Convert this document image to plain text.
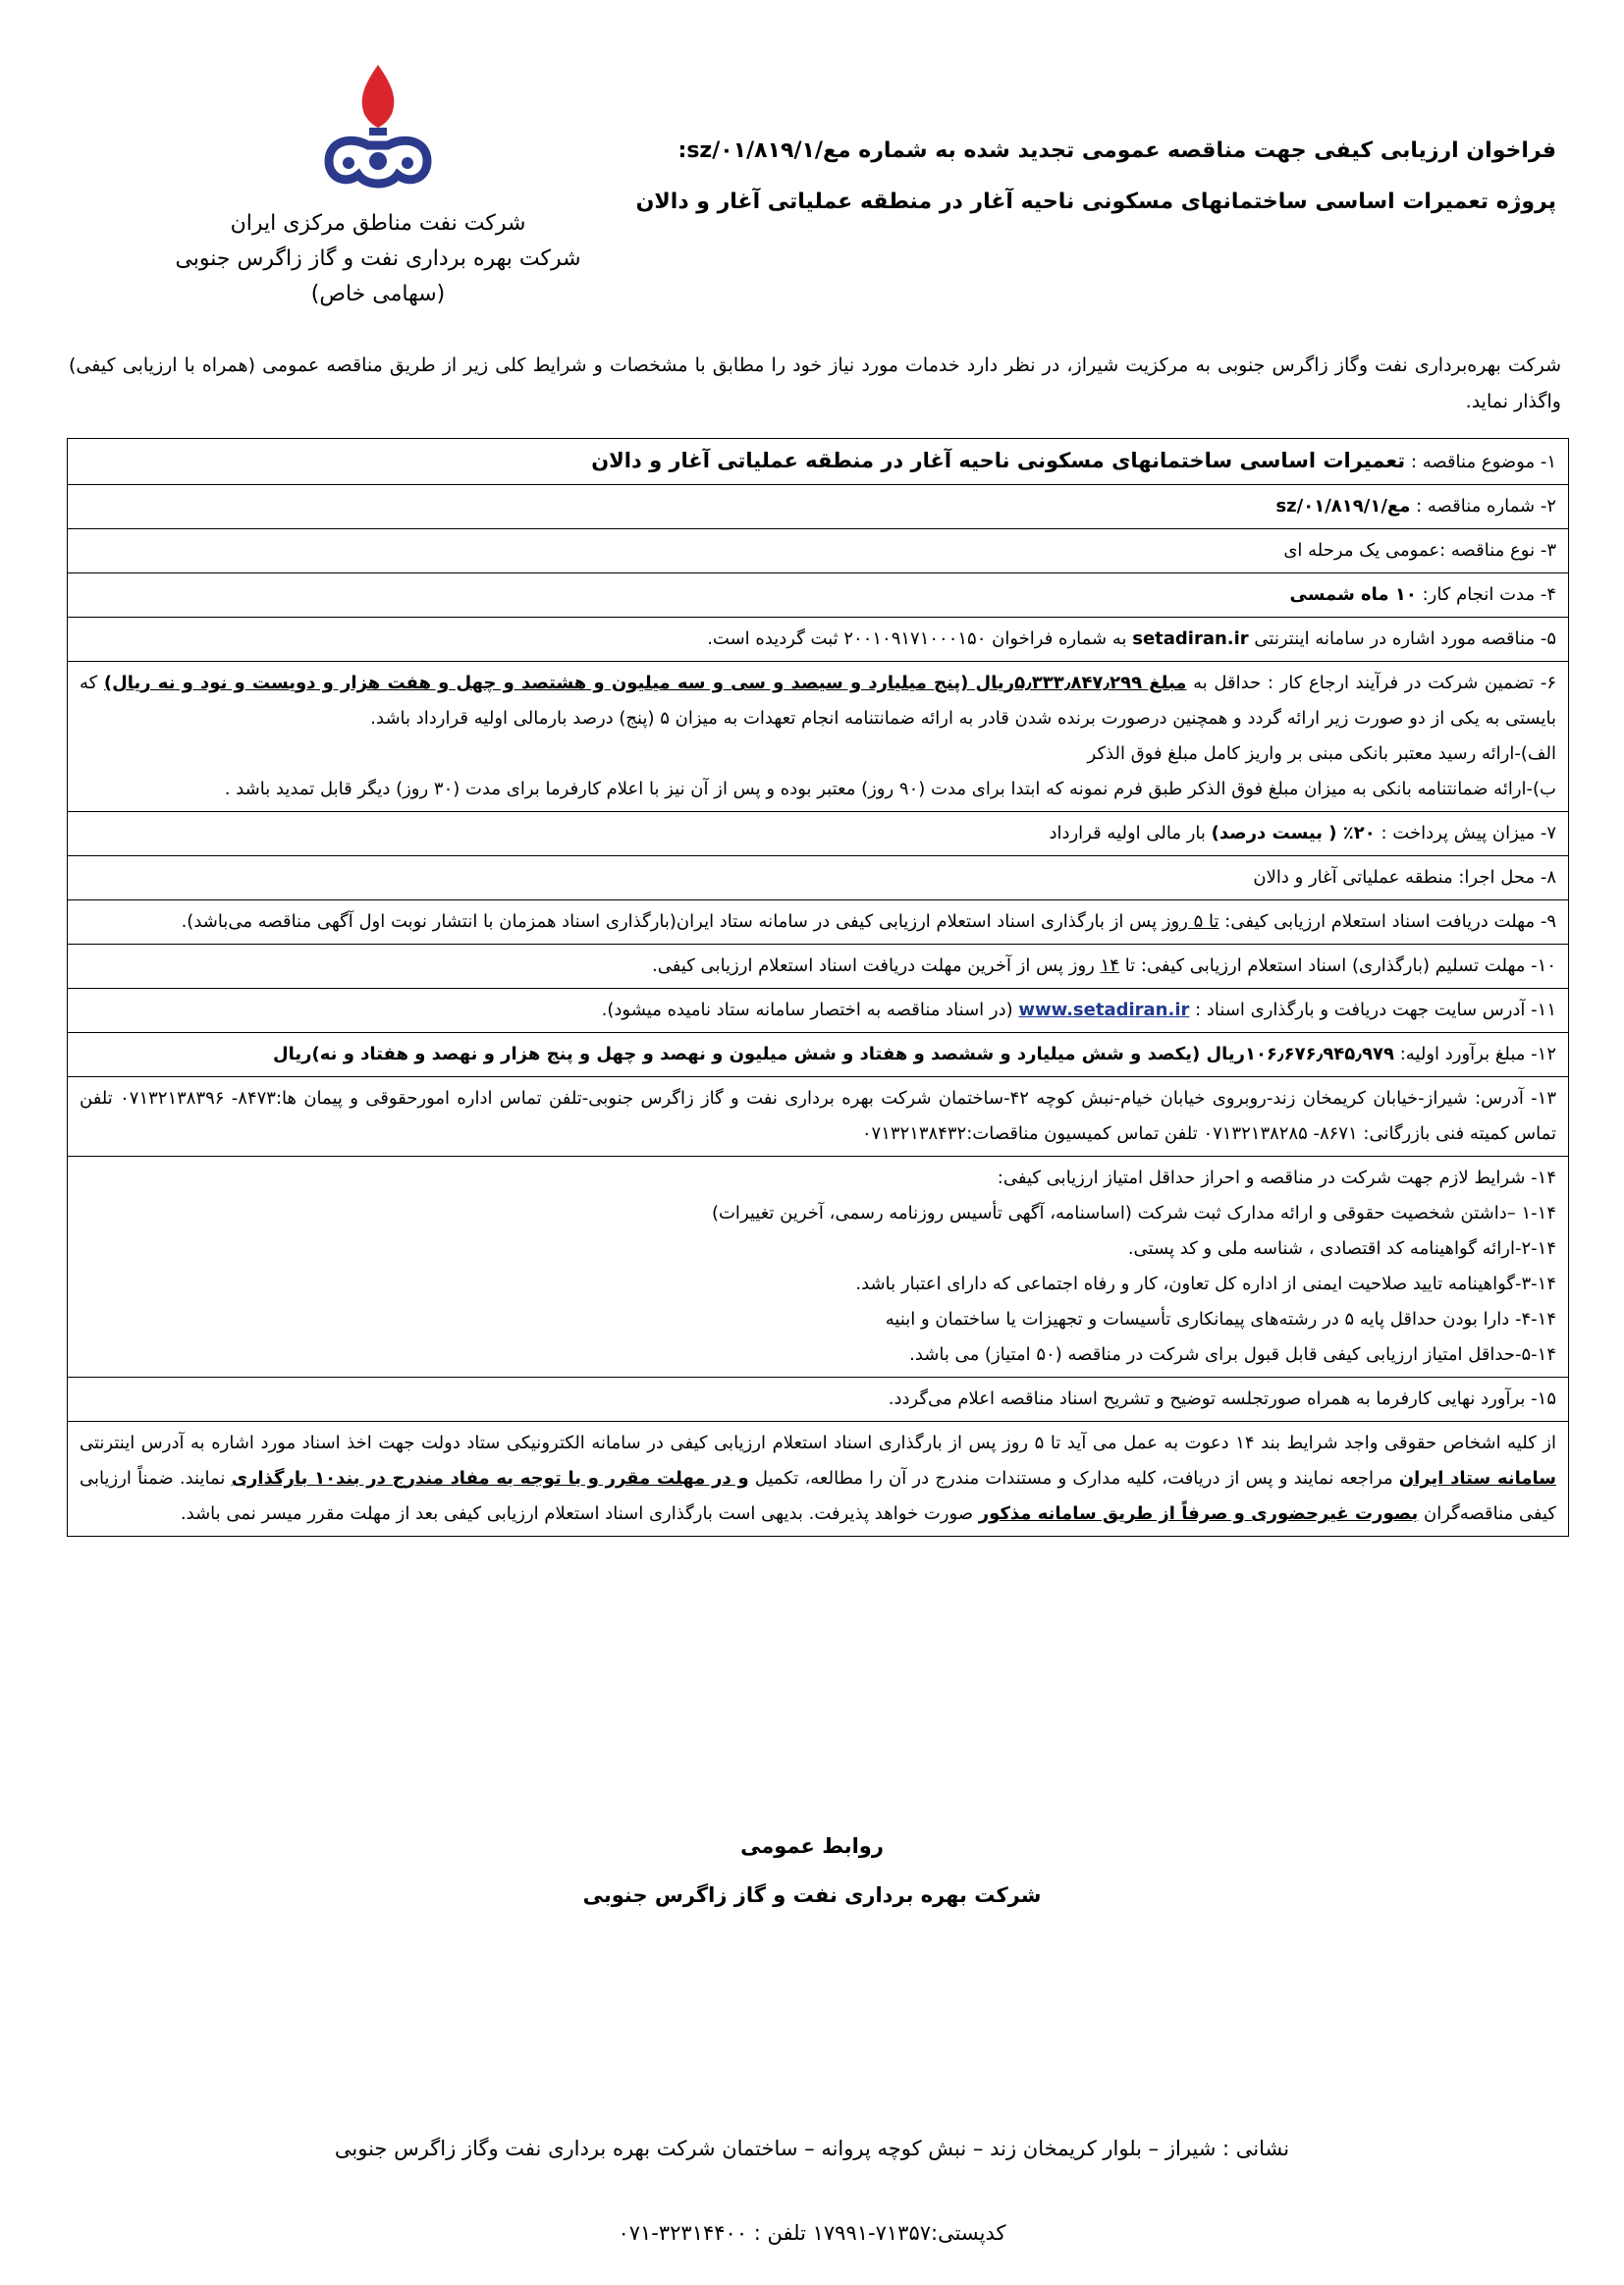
شرکت نفت مناطق مرکزی ایران
شرکت بهره برداری نفت و گاز زاگرس جنوبی
(سهامی خاص)
فراخوان ارزیابی کیفی جهت مناقصه عمومی تجدید شده به شماره مع/۰۱/۸۱۹/۱/sz:
پروژه تعمیرات اساسی ساختمانهای مسکونی ناحیه آغار در منطقه عملیاتی آغار و دالان
شرکت بهره‌برداری نفت وگاز زاگرس جنوبی به مرکزیت شیراز، در نظر دارد خدمات مورد نیاز خود را مطابق با مشخصات و شرایط کلی زیر از طریق مناقصه عمومی (همراه با ارزیابی کیفی) واگذار نماید.
۱- موضوع مناقصه : تعمیرات اساسی ساختمانهای مسکونی ناحیه آغار در منطقه عملیاتی آغار و دالان
۲- شماره مناقصه : مع/۰۱/۸۱۹/۱/sz
۳- نوع مناقصه :عمومی یک مرحله ای
۴- مدت انجام کار: ۱۰ ماه شمسی
۵- مناقصه مورد اشاره در سامانه اینترنتی setadiran.ir به شماره فراخوان ۲۰۰۱۰۹۱۷۱۰۰۰۱۵۰ ثبت گردیده است.
۶- تضمین شرکت در فرآیند ارجاع کار : حداقل به مبلغ ۵٫۳۳۳٫۸۴۷٫۲۹۹ریال (پنج میلیارد و سیصد و سی و سه میلیون و هشتصد و چهل و هفت هزار و دویست و نود و نه ریال) که بایستی به یکی از دو صورت زیر ارائه گردد و همچنین درصورت برنده شدن قادر به ارائه ضمانتنامه انجام تعهدات به میزان ۵ (پنج) درصد بارمالی اولیه قرارداد باشد.
الف)-ارائه رسید معتبر بانکی مبنی بر واریز کامل مبلغ فوق الذکر
ب)-ارائه ضمانتنامه بانکی به میزان مبلغ فوق الذکر طبق فرم نمونه که ابتدا برای مدت (۹۰ روز) معتبر بوده و پس از آن نیز با اعلام کارفرما برای مدت (۳۰ روز) دیگر قابل تمدید باشد .
۷- میزان پیش پرداخت : ۲۰٪ ( بیست درصد) بار مالی اولیه قرارداد
۸- محل اجرا: منطقه عملیاتی آغار و دالان
۹- مهلت دریافت اسناد استعلام ارزیابی کیفی: تا ۵ روز پس از بارگذاری اسناد استعلام ارزیابی کیفی در سامانه ستاد ایران(بارگذاری اسناد همزمان با انتشار نوبت اول آگهی مناقصه می‌باشد).
۱۰- مهلت تسلیم (بارگذاری) اسناد استعلام ارزیابی کیفی: تا ۱۴ روز پس از آخرین مهلت دریافت اسناد استعلام ارزیابی کیفی.
۱۱- آدرس سایت جهت دریافت و بارگذاری اسناد : www.setadiran.ir (در اسناد مناقصه به اختصار سامانه ستاد نامیده میشود).
۱۲- مبلغ برآورد اولیه: ۱۰۶٫۶۷۶٫۹۴۵٫۹۷۹ریال (یکصد و شش میلیارد و ششصد و هفتاد و شش میلیون و نهصد و چهل و پنج هزار و نهصد و هفتاد و نه)ریال
۱۳- آدرس: شیراز-خیابان کریمخان زند-روبروی خیابان خیام-نبش کوچه ۴۲-ساختمان شرکت بهره برداری نفت و گاز زاگرس جنوبی-تلفن تماس اداره امورحقوقی و پیمان ها:۸۴۷۳- ۰۷۱۳۲۱۳۸۳۹۶ تلفن تماس کمیته فنی بازرگانی: ۸۶۷۱- ۰۷۱۳۲۱۳۸۲۸۵ تلفن تماس کمیسیون مناقصات:۰۷۱۳۲۱۳۸۴۳۲
۱۴- شرایط لازم جهت شرکت در مناقصه و احراز حداقل امتیاز ارزیابی کیفی:
۱-۱۴ –داشتن شخصیت حقوقی و ارائه مدارک ثبت شرکت (اساسنامه، آگهی تأسیس روزنامه رسمی، آخرین تغییرات)
۲-۱۴-ارائه گواهینامه کد اقتصادی ، شناسه ملی و کد پستی.
۳-۱۴-گواهینامه تایید صلاحیت ایمنی از اداره کل تعاون، کار و رفاه اجتماعی که دارای اعتبار باشد.
۴-۱۴- دارا بودن حداقل پایه ۵ در رشته‌های پیمانکاری تأسیسات و تجهیزات یا ساختمان و ابنیه
۵-۱۴-حداقل امتیاز ارزیابی کیفی قابل قبول برای شرکت در مناقصه (۵۰ امتیاز) می باشد.
۱۵- برآورد نهایی کارفرما به همراه صورتجلسه توضیح و تشریح اسناد مناقصه اعلام می‌گردد.
از کلیه اشخاص حقوقی واجد شرایط بند ۱۴ دعوت به عمل می آید تا ۵ روز پس از بارگذاری اسناد استعلام ارزیابی کیفی در سامانه الکترونیکی ستاد دولت جهت اخذ اسناد مورد اشاره به آدرس اینترنتی سامانه ستاد ایران مراجعه نمایند و پس از دریافت، کلیه مدارک و مستندات مندرج در آن را مطالعه، تکمیل و در مهلت مقرر و با توجه به مفاد مندرج در بند۱۰ بارگذاری نمایند. ضمناً ارزیابی کیفی مناقصه‌گران بصورت غیرحضوری و صرفاً از طریق سامانه مذکور صورت خواهد پذیرفت. بدیهی است بارگذاری اسناد استعلام ارزیابی کیفی بعد از مهلت مقرر میسر نمی باشد.
روابط عمومی
شرکت بهره برداری نفت و گاز زاگرس جنوبی
نشانی : شیراز – بلوار کریمخان زند – نبش کوچه پروانه – ساختمان شرکت بهره برداری نفت وگاز زاگرس جنوبی
کدپستی:۷۱۳۵۷-۱۷۹۹۱ تلفن : ۳۲۳۱۴۴۰۰-۰۷۱
